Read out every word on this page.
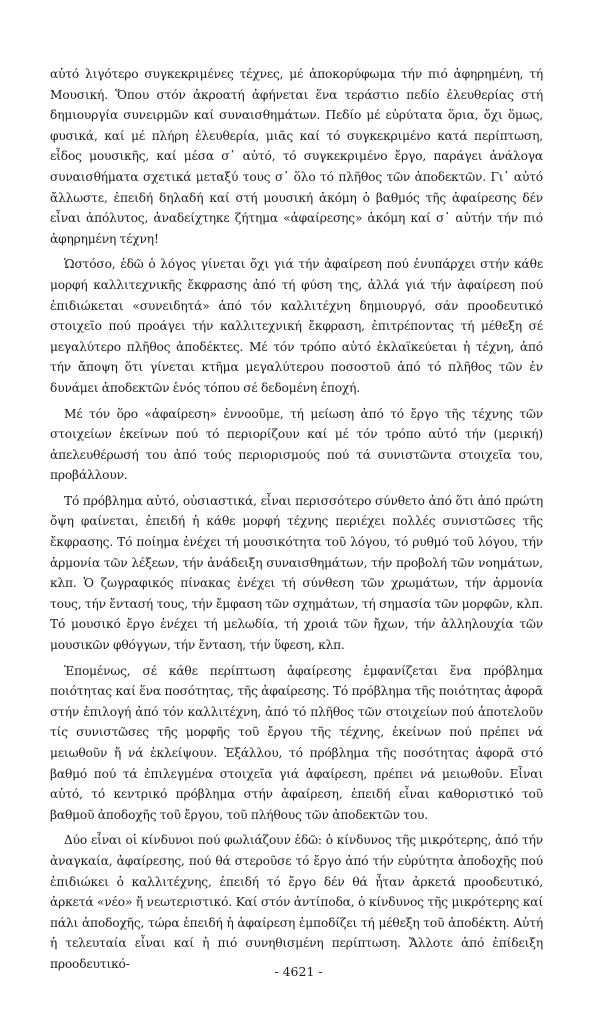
αὐτό λιγότερο συγκεκριμένες τέχνες, μέ ἀποκορύφωμα τήν πιό ἀφηρημένη, τή Μουσική. Ὅπου στόν ἀκροατή ἀφήνεται ἕνα τεράστιο πεδίο ἐλευθερίας στή δημιουργία συνειρμῶν καί συναισθημάτων. Πεδίο μέ εὐρύτατα ὅρια, ὄχι ὅμως, φυσικά, καί μέ πλήρη ἐλευθερία, μιᾶς καί τό συγκεκριμένο κατά περίπτωση, εἶδος μουσικῆς, καί μέσα σ᾿ αὐτό, τό συγκεκριμένο ἔργο, παράγει ἀνάλογα συναισθήματα σχετικά μεταξύ τους σ᾿ ὅλο τό πλῆθος τῶν ἀποδεκτῶν. Γι᾿ αὐτό ἄλλωστε, ἐπειδή δηλαδή καί στή μουσική ἀκόμη ὁ βαθμός τῆς ἀφαίρεσης δέν εἶναι ἀπόλυτος, ἀναδείχτηκε ζήτημα «ἀφαίρεσης» ἀκόμη καί σ᾿ αὐτήν τήν πιό ἀφηρημένη τέχνη!

Ὡστόσο, ἐδῶ ὁ λόγος γίνεται ὄχι γιά τήν ἀφαίρεση πού ἐνυπάρχει στήν κάθε μορφή καλλιτεχνικῆς ἔκφρασης ἀπό τή φύση της, ἀλλά γιά τήν ἀφαίρεση πού ἐπιδιώκεται «συνειδητά» ἀπό τόν καλλιτέχνη δημιουργό, σάν προοδευτικό στοιχεῖο πού προάγει τήν καλλιτεχνική ἔκφραση, ἐπιτρέποντας τή μέθεξη σέ μεγαλύτερο πλῆθος ἀποδέκτες. Μέ τόν τρόπο αὐτό ἐκλαϊκεύεται ἡ τέχνη, ἀπό τήν ἄποψη ὅτι γίνεται κτῆμα μεγαλύτερου ποσοστοῦ ἀπό τό πλῆθος τῶν ἐν δυνάμει ἀποδεκτῶν ἑνός τόπου σέ δεδομένη ἐποχή.

Μέ τόν ὅρο «ἀφαίρεση» ἐννοοῦμε, τή μείωση ἀπό τό ἔργο τῆς τέχνης τῶν στοιχείων ἐκείνων πού τό περιορίζουν καί μέ τόν τρόπο αὐτό τήν (μερική) ἀπελευθέρωσή του ἀπό τούς περιορισμούς πού τά συνιστῶντα στοιχεῖα του, προβάλλουν.

Τό πρόβλημα αὐτό, οὐσιαστικά, εἶναι περισσότερο σύνθετο ἀπό ὅτι ἀπό πρώτη ὄψη φαίνεται, ἐπειδή ἡ κάθε μορφή τέχνης περιέχει πολλές συνιστῶσες τῆς ἔκφρασης. Τό ποίημα ἐνέχει τή μουσικότητα τοῦ λόγου, τό ρυθμό τοῦ λόγου, τήν ἁρμονία τῶν λέξεων, τήν ἀνάδειξη συναισθημάτων, τήν προβολή τῶν νοημάτων, κλπ. Ὁ ζωγραφικός πίνακας ἐνέχει τή σύνθεση τῶν χρωμάτων, τήν ἁρμονία τους, τήν ἔντασή τους, τήν ἔμφαση τῶν σχημάτων, τή σημασία τῶν μορφῶν, κλπ. Τό μουσικό ἔργο ἐνέχει τή μελωδία, τή χροιά τῶν ἤχων, τήν ἀλληλουχία τῶν μουσικῶν φθόγγων, τήν ἔνταση, τήν ὕφεση, κλπ.

Ἑπομένως, σέ κάθε περίπτωση ἀφαίρεσης ἐμφανίζεται ἕνα πρόβλημα ποιότητας καί ἕνα ποσότητας, τῆς ἀφαίρεσης. Τό πρόβλημα τῆς ποιότητας ἀφορᾶ στήν ἐπιλογή ἀπό τόν καλλιτέχνη, ἀπό τό πλῆθος τῶν στοιχείων πού ἀποτελοῦν τίς συνιστῶσες τῆς μορφῆς τοῦ ἔργου τῆς τέχνης, ἐκείνων πού πρέπει νά μειωθοῦν ἤ νά ἐκλείψουν. Ἐξάλλου, τό πρόβλημα τῆς ποσότητας ἀφορᾶ στό βαθμό πού τά ἐπιλεγμένα στοιχεῖα γιά ἀφαίρεση, πρέπει νά μειωθοῦν. Εἶναι αὐτό, τό κεντρικό πρόβλημα στήν ἀφαίρεση, ἐπειδή εἶναι καθοριστικό τοῦ βαθμοῦ ἀποδοχῆς τοῦ ἔργου, τοῦ πλήθους τῶν ἀποδεκτῶν του.

Δύο εἶναι οἱ κίνδυνοι πού φωλιάζουν ἐδῶ: ὁ κίνδυνος τῆς μικρότερης, ἀπό τήν ἀναγκαία, ἀφαίρεσης, πού θά στεροῦσε τό ἔργο ἀπό τήν εὐρύτητα ἀποδοχῆς πού ἐπιδιώκει ὁ καλλιτέχνης, ἐπειδή τό ἔργο δέν θά ἦταν ἀρκετά προοδευτικό, ἀρκετά «νέο» ἤ νεωτεριστικό. Καί στόν ἀντίποδα, ὁ κίνδυνος τῆς μικρότερης καί πάλι ἀποδοχῆς, τώρα ἐπειδή ἡ ἀφαίρεση ἐμποδίζει τή μέθεξη τοῦ ἀποδέκτη. Αὐτή ἡ τελευταία εἶναι καί ἡ πιό συνηθισμένη περίπτωση. Ἄλλοτε ἀπό ἐπίδειξη προοδευτικό-

- 4621 -
